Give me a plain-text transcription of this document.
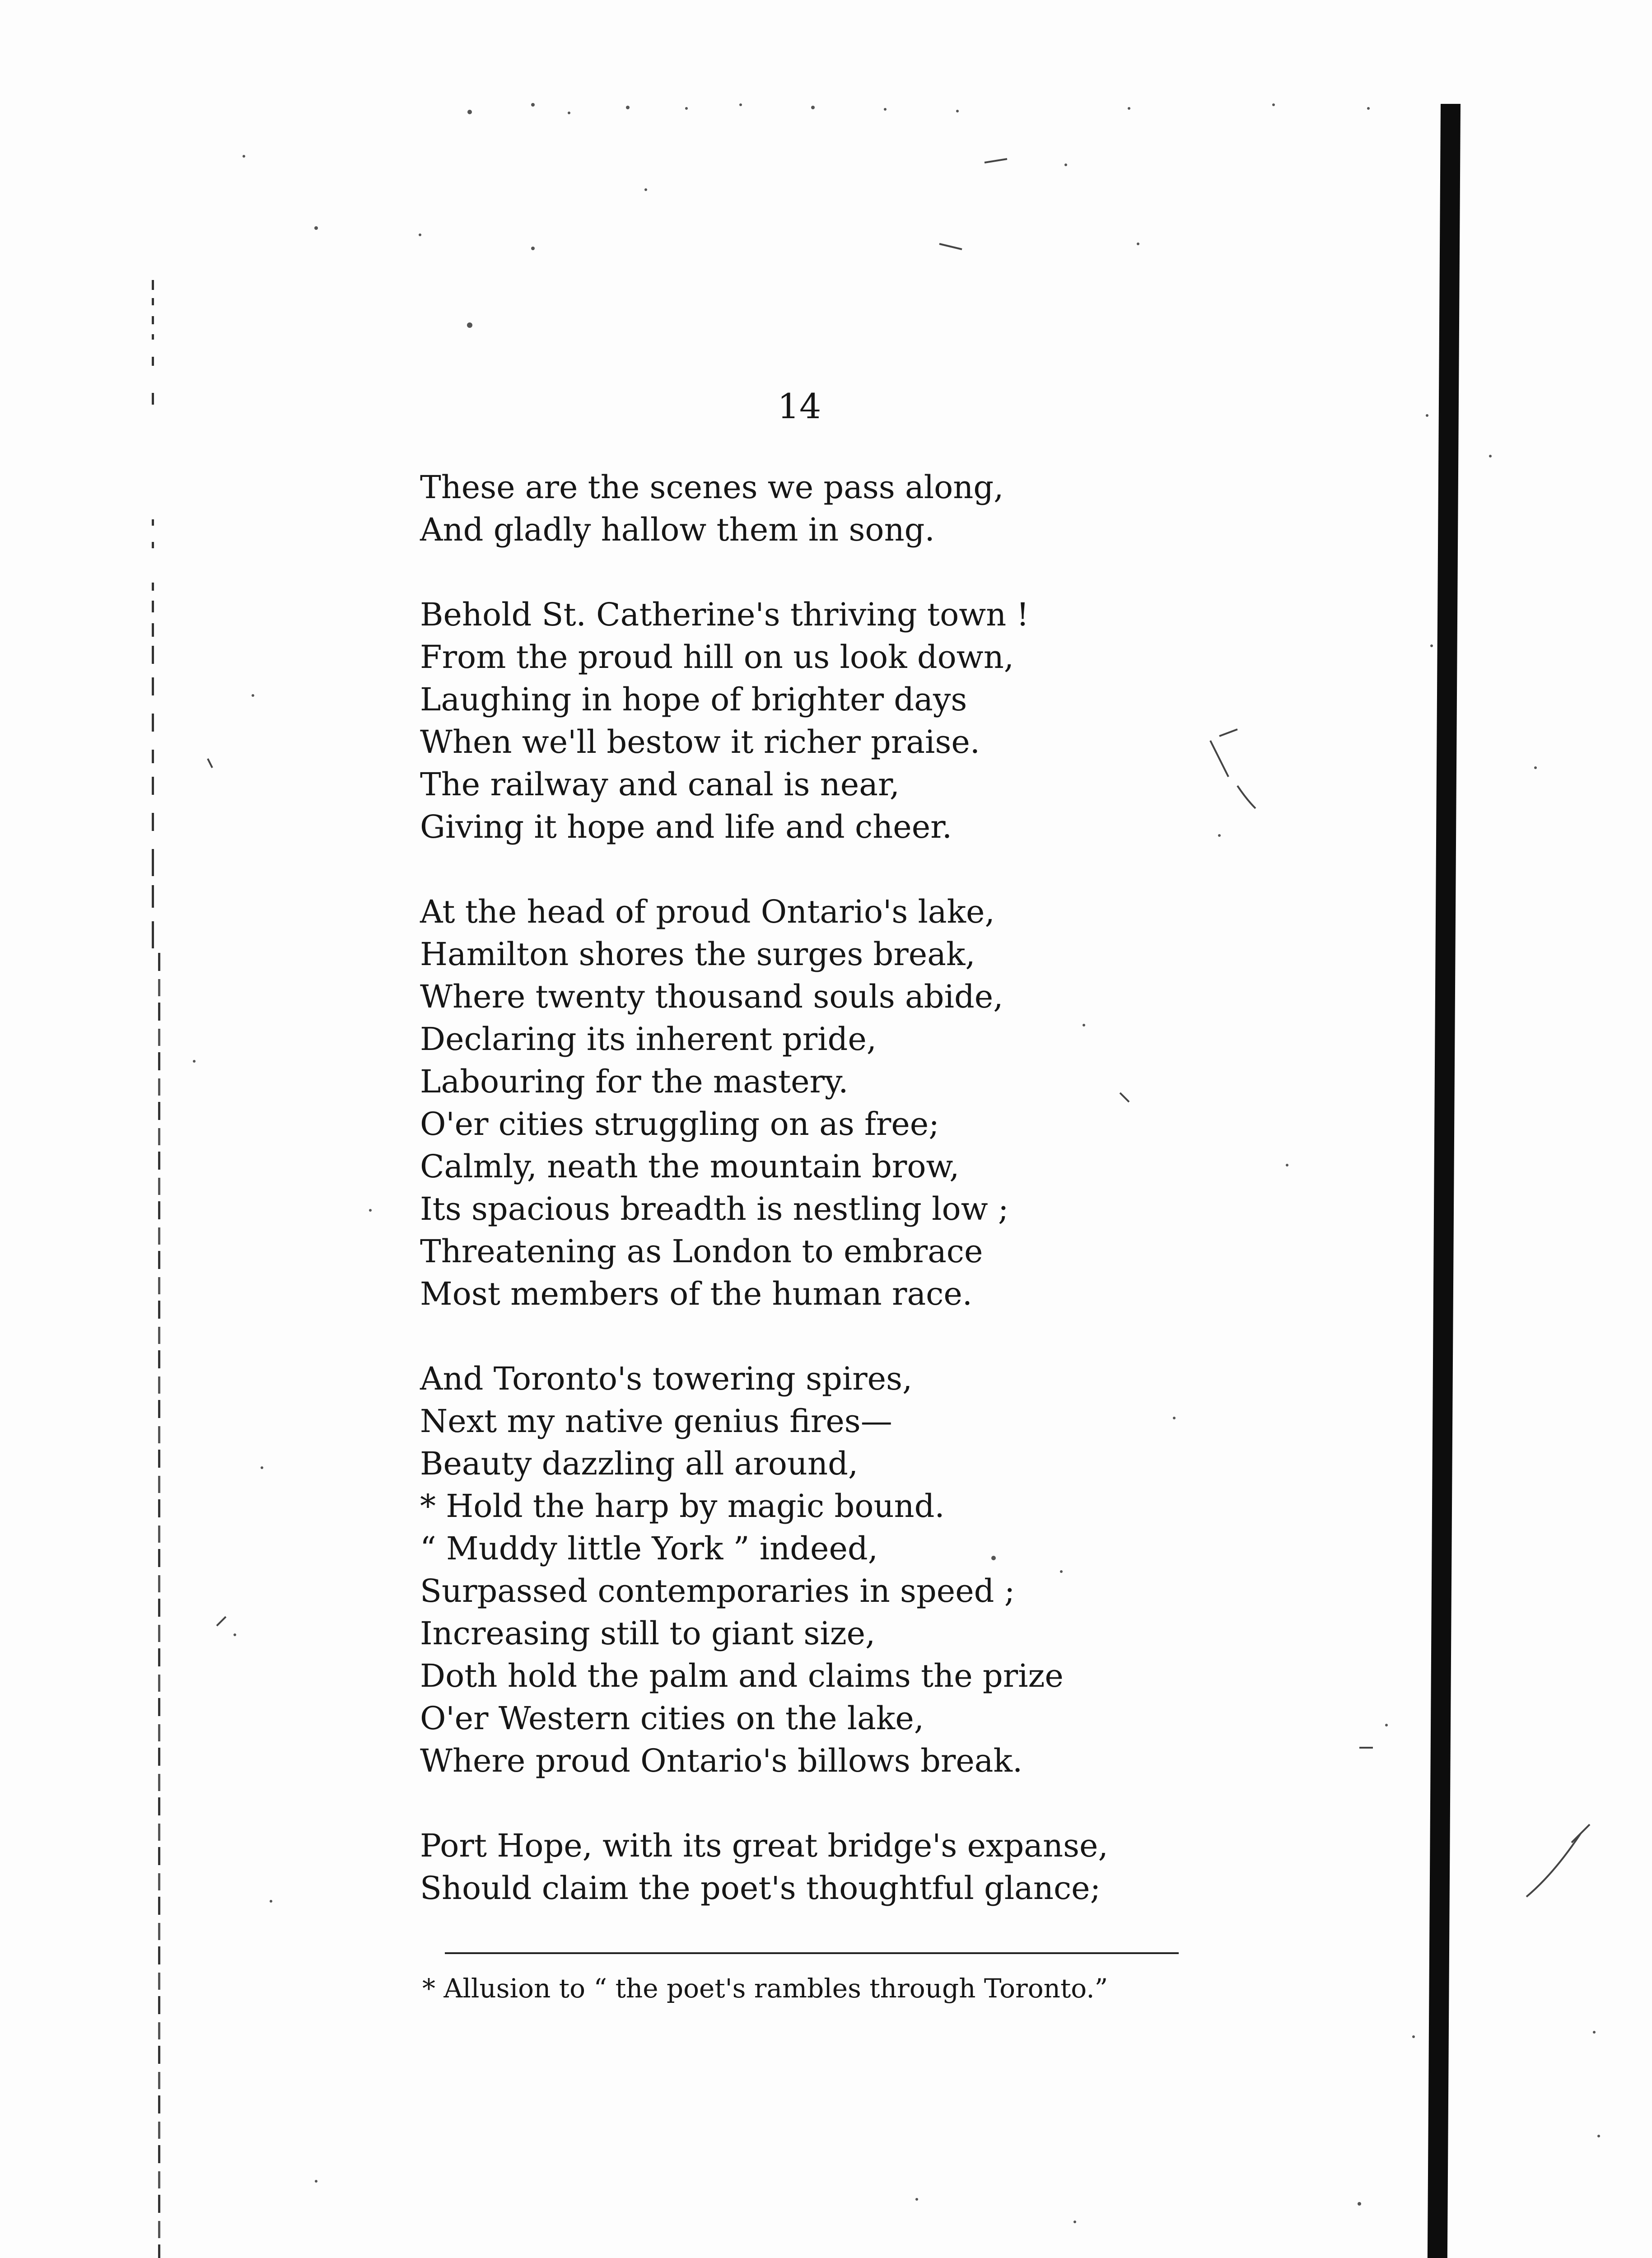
14
These are the scenes we pass along,
And gladly hallow them in song.
Behold St. Catherine's thriving town !
From the proud hill on us look down,
Laughing in hope of brighter days
When we'll bestow it richer praise.
The railway and canal is near,
Giving it hope and life and cheer.
At the head of proud Ontario's lake,
Hamilton shores the surges break,
Where twenty thousand souls abide,
Declaring its inherent pride,
Labouring for the mastery.
O'er cities struggling on as free;
Calmly, neath the mountain brow,
Its spacious breadth is nestling low ;
Threatening as London to embrace
Most members of the human race.
And Toronto's towering spires,
Next my native genius fires—
Beauty dazzling all around,
* Hold the harp by magic bound.
“ Muddy little York ” indeed,
Surpassed contemporaries in speed ;
Increasing still to giant size,
Doth hold the palm and claims the prize
O'er Western cities on the lake,
Where proud Ontario's billows break.
Port Hope, with its great bridge's expanse,
Should claim the poet's thoughtful glance;
* Allusion to “ the poet's rambles through Toronto.”
